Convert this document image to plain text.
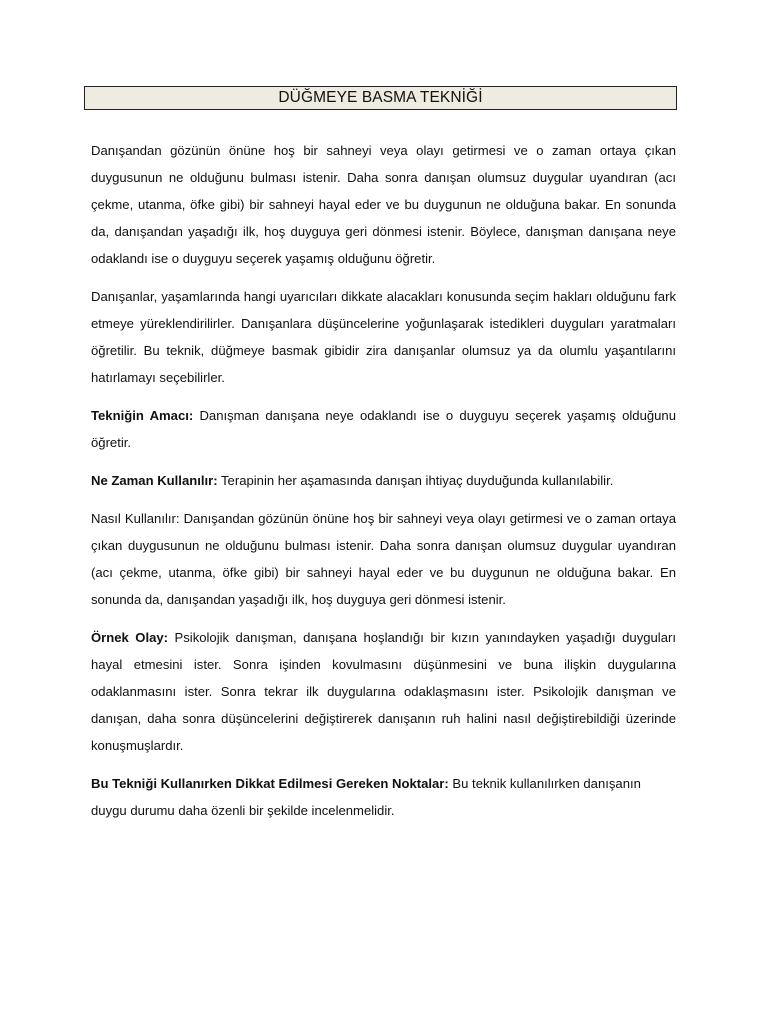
DÜĞMEYE BASMA TEKNİĞİ

Danışandan gözünün önüne hoş bir sahneyi veya olayı getirmesi ve o zaman ortaya çıkan duygusunun ne olduğunu bulması istenir. Daha sonra danışan olumsuz duygular uyandıran (acı çekme, utanma, öfke gibi) bir sahneyi hayal eder ve bu duygunun ne olduğuna bakar. En sonunda da, danışandan yaşadığı ilk, hoş duyguya geri dönmesi istenir. Böylece, danışman danışana neye odaklandı ise o duyguyu seçerek yaşamış olduğunu öğretir.

Danışanlar, yaşamlarında hangi uyarıcıları dikkate alacakları konusunda seçim hakları olduğunu fark etmeye yüreklendirilirler. Danışanlara düşüncelerine yoğunlaşarak istedikleri duyguları yaratmaları öğretilir. Bu teknik, düğmeye basmak gibidir zira danışanlar olumsuz ya da olumlu yaşantılarını hatırlamayı seçebilirler.

Tekniğin Amacı: Danışman danışana neye odaklandı ise o duyguyu seçerek yaşamış olduğunu öğretir.

Ne Zaman Kullanılır: Terapinin her aşamasında danışan ihtiyaç duyduğunda kullanılabilir.

Nasıl Kullanılır: Danışandan gözünün önüne hoş bir sahneyi veya olayı getirmesi ve o zaman ortaya çıkan duygusunun ne olduğunu bulması istenir. Daha sonra danışan olumsuz duygular uyandıran (acı çekme, utanma, öfke gibi) bir sahneyi hayal eder ve bu duygunun ne olduğuna bakar. En sonunda da, danışandan yaşadığı ilk, hoş duyguya geri dönmesi istenir.

Örnek Olay: Psikolojik danışman, danışana hoşlandığı bir kızın yanındayken yaşadığı duyguları hayal etmesini ister. Sonra işinden kovulmasını düşünmesini ve buna ilişkin duygularına odaklanmasını ister. Sonra tekrar ilk duygularına odaklaşmasını ister. Psikolojik danışman ve danışan, daha sonra düşüncelerini değiştirerek danışanın ruh halini nasıl değiştirebildiği üzerinde konuşmuşlardır.

Bu Tekniği Kullanırken Dikkat Edilmesi Gereken Noktalar: Bu teknik kullanılırken danışanın duygu durumu daha özenli bir şekilde incelenmelidir.
